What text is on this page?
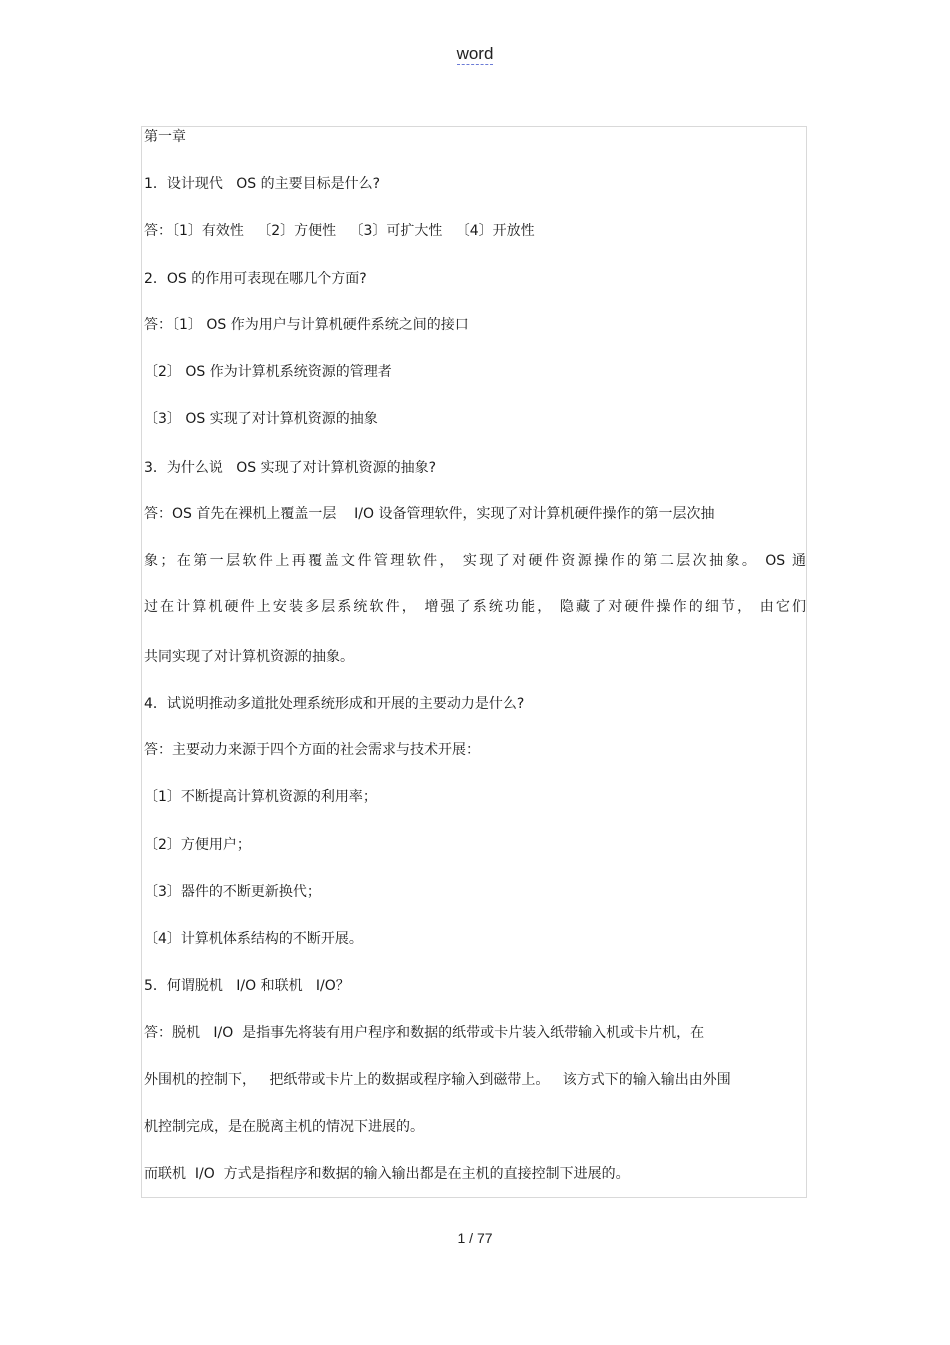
word
第一章
1．设计现代   OS 的主要目标是什么?
答：〔1〕有效性   〔2〕方便性   〔3〕可扩大性   〔4〕开放性
2．OS 的作用可表现在哪几个方面?
答：〔1〕 OS 作为用户与计算机硬件系统之间的接口
〔2〕 OS 作为计算机系统资源的管理者
〔3〕 OS 实现了对计算机资源的抽象
3．为什么说   OS 实现了对计算机资源的抽象?
答：OS 首先在裸机上覆盖一层    I/O 设备管理软件，实现了对计算机硬件操作的第一层次抽
象；在第一层软件上再覆盖文件管理软件， 实现了对硬件资源操作的第二层次抽象。 OS 通
过在计算机硬件上安装多层系统软件， 增强了系统功能， 隐藏了对硬件操作的细节， 由它们
共同实现了对计算机资源的抽象。
4．试说明推动多道批处理系统形成和开展的主要动力是什么?
答：主要动力来源于四个方面的社会需求与技术开展：
〔1〕不断提高计算机资源的利用率；
〔2〕方便用户；
〔3〕器件的不断更新换代；
〔4〕计算机体系结构的不断开展。
5．何谓脱机   I/O 和联机   I/O？
答：脱机   I/O  是指事先将装有用户程序和数据的纸带或卡片装入纸带输入机或卡片机，在
外围机的控制下，   把纸带或卡片上的数据或程序输入到磁带上。   该方式下的输入输出由外围
机控制完成，是在脱离主机的情况下进展的。
而联机  I/O  方式是指程序和数据的输入输出都是在主机的直接控制下进展的。
1 / 77
